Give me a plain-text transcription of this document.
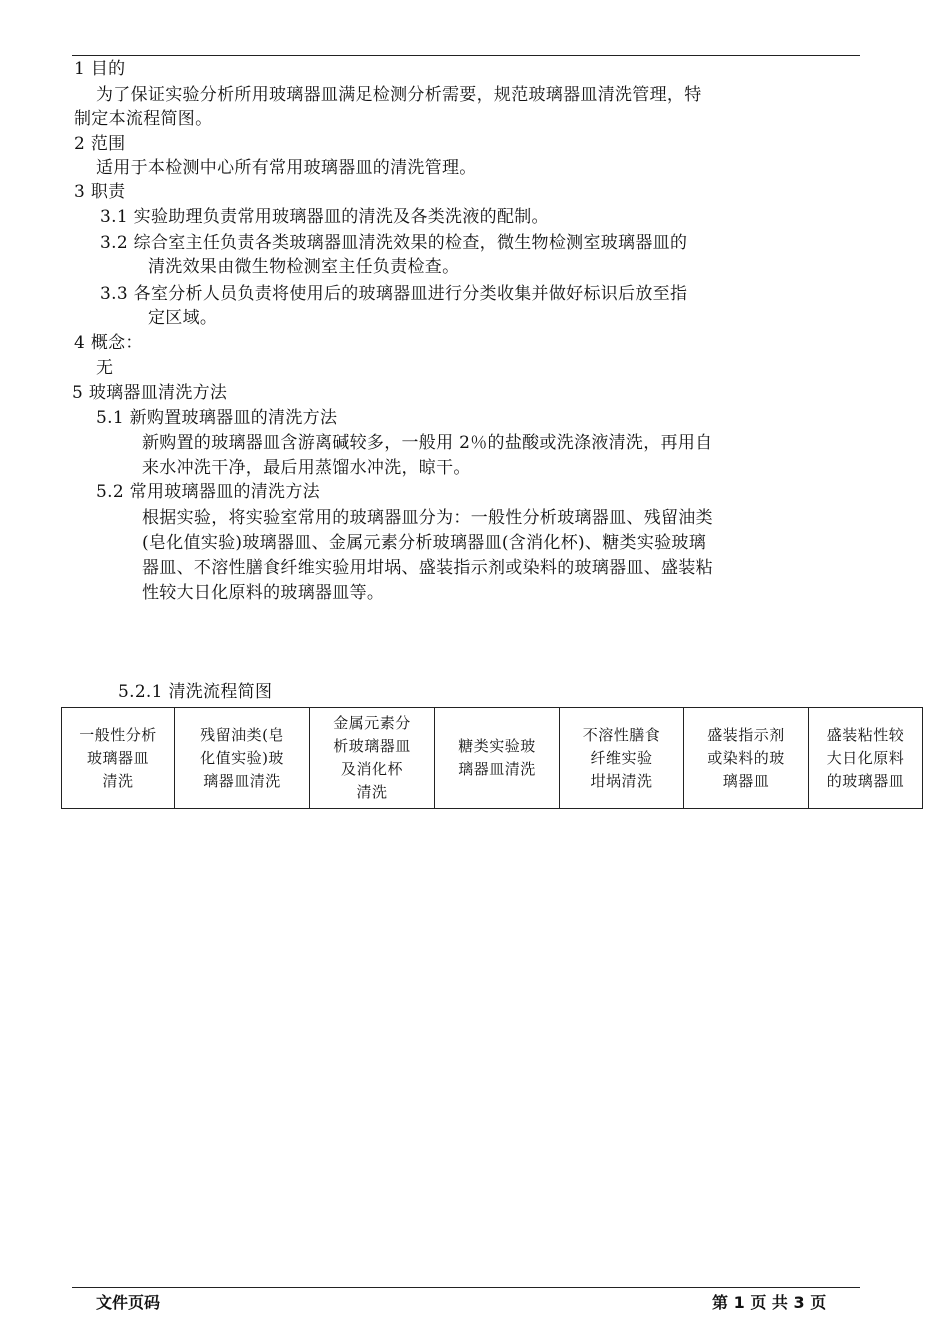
1 目的
为了保证实验分析所用玻璃器皿满足检测分析需要，规范玻璃器皿清洗管理，特
制定本流程简图。
2 范围
适用于本检测中心所有常用玻璃器皿的清洗管理。
3 职责
3.1 实验助理负责常用玻璃器皿的清洗及各类洗液的配制。
3.2 综合室主任负责各类玻璃器皿清洗效果的检查，微生物检测室玻璃器皿的
清洗效果由微生物检测室主任负责检查。
3.3 各室分析人员负责将使用后的玻璃器皿进行分类收集并做好标识后放至指
定区域。
4 概念：
无
5 玻璃器皿清洗方法
5.1 新购置玻璃器皿的清洗方法
新购置的玻璃器皿含游离碱较多，一般用 2％的盐酸或洗涤液清洗，再用自
来水冲洗干净，最后用蒸馏水冲洗，晾干。
5.2 常用玻璃器皿的清洗方法
根据实验，将实验室常用的玻璃器皿分为：一般性分析玻璃器皿、残留油类
(皂化值实验)玻璃器皿、金属元素分析玻璃器皿(含消化杯)、糖类实验玻璃
器皿、不溶性膳食纤维实验用坩埚、盛装指示剂或染料的玻璃器皿、盛装粘
性较大日化原料的玻璃器皿等。
5.2.1 清洗流程简图
一般性分析
玻璃器皿
清洗

残留油类(皂
化值实验)玻
璃器皿清洗

金属元素分
析玻璃器皿
及消化杯
清洗

糖类实验玻
璃器皿清洗

不溶性膳食
纤维实验
坩埚清洗

盛装指示剂
或染料的玻
璃器皿

盛装粘性较
大日化原料
的玻璃器皿
文件页码	第 1 页 共 3 页
